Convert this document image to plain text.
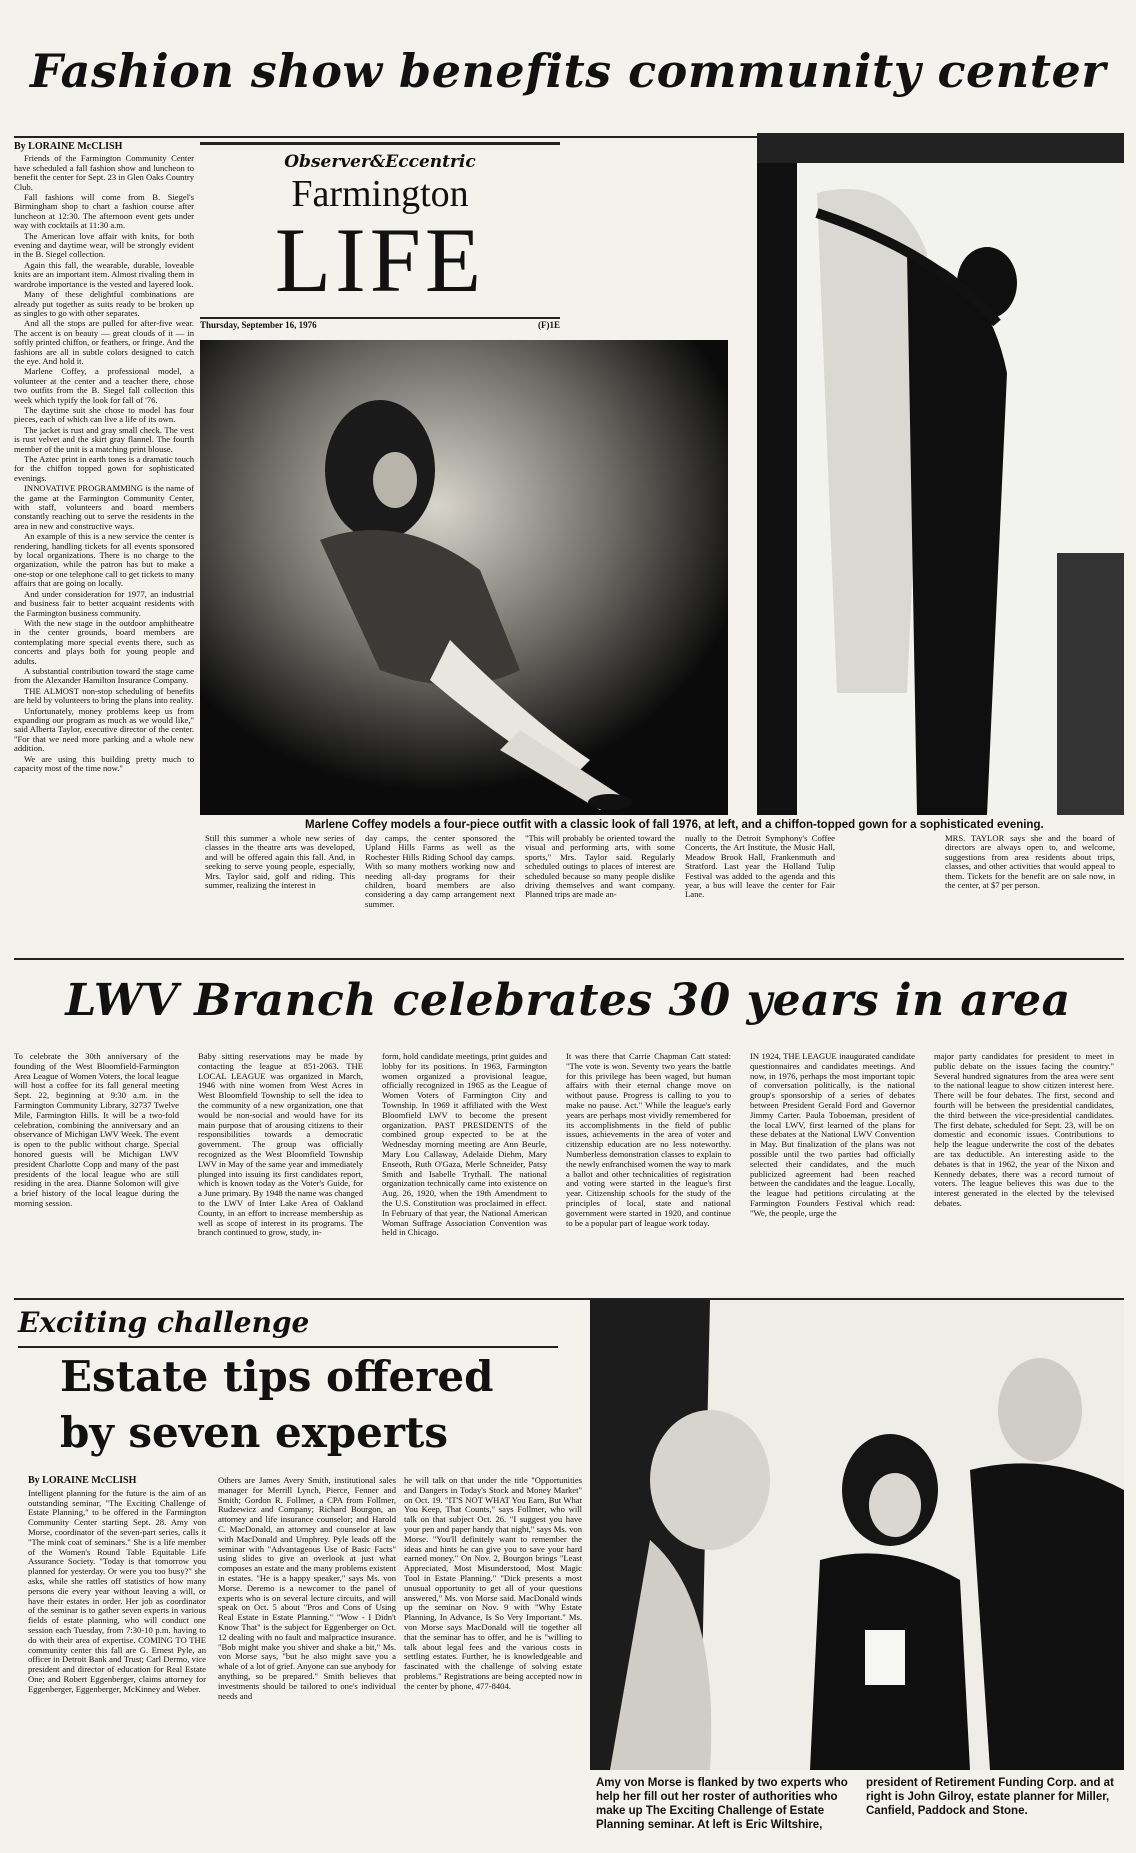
Fashion show benefits community center
By LORAINE McCLISH

Friends of the Farmington Community Center have scheduled a fall fashion show and luncheon to benefit the center for Sept. 23 in Glen Oaks Country Club.

Fall fashions will come from B. Siegel's Birmingham shop to chart a fashion course after luncheon at 12:30. The afternoon event gets under way with cocktails at 11:30 a.m.

The American love affair with knits, for both evening and daytime wear, will be strongly evident in the B. Siegel collection.

Again this fall, the wearable, durable, loveable knits are an important item. Almost rivaling them in wardrobe importance is the vested and layered look.

Many of these delightful combinations are already put together as suits ready to be broken up as singles to go with other separates.

And all the stops are pulled for after-five wear. The accent is on beauty — great clouds of it — in softly printed chiffon, or feathers, or fringe. And the fashions are all in subtle colors designed to catch the eye. And hold it.

Marlene Coffey, a professional model, a volunteer at the center and a teacher there, chose two outfits from the B. Siegel fall collection this week which typify the look for fall of '76.

The daytime suit she chose to model has four pieces, each of which can live a life of its own.

The jacket is rust and gray small check. The vest is rust velvet and the skirt gray flannel. The fourth member of the unit is a matching print blouse.

The Aztec print in earth tones is a dramatic touch for the chiffon topped gown for sophisticated evenings.

INNOVATIVE PROGRAMMING is the name of the game at the Farmington Community Center, with staff, volunteers and board members constantly reaching out to serve the residents in the area in new and constructive ways.

An example of this is a new service the center is rendering, handling tickets for all events sponsored by local organizations. There is no charge to the organization, while the patron has but to make a one-stop or one telephone call to get tickets to many affairs that are going on locally.

And under consideration for 1977, an industrial and business fair to better acquaint residents with the Farmington business community.

With the new stage in the outdoor amphitheatre in the center grounds, board members are contemplating more special events there, such as concerts and plays both for young people and adults.

A substantial contribution toward the stage came from the Alexander Hamilton Insurance Company.

THE ALMOST non-stop scheduling of benefits are held by volunteers to bring the plans into reality.

Unfortunately, money problems keep us from expanding our program as much as we would like," said Alberta Taylor, executive director of the center. "For that we need more parking and a whole new addition.

We are using this building pretty much to capacity most of the time now."

Observer&Eccentric
Farmington
LIFE
Thursday, September 16, 1976	(F)1E
Marlene Coffey models a four-piece outfit with a classic look of fall 1976, at left, and a chiffon-topped gown for a sophisticated evening.
Still this summer a whole new series of classes in the theatre arts was developed, and will be offered again this fall. And, in seeking to serve young people, especially, Mrs. Taylor said, golf and riding. This summer, realizing the interest in
day camps, the center sponsored the Upland Hills Farms as well as the Rochester Hills Riding School day camps. With so many mothers working now and needing all-day programs for their children, board members are also considering a day camp arrangement next summer.
"This will probably be oriented toward the visual and performing arts, with some sports," Mrs. Taylor said. Regularly scheduled outings to places of interest are scheduled because so many people dislike driving themselves and want company. Planned trips are made an-
nually to the Detroit Symphony's Coffee Concerts, the Art Institute, the Music Hall, Meadow Brook Hall, Frankenmuth and Stratford. Last year the Holland Tulip Festival was added to the agenda and this year, a bus will leave the center for Fair Lane.
MRS. TAYLOR says she and the board of directors are always open to, and welcome, suggestions from area residents about trips, classes, and other activities that would appeal to them. Tickets for the benefit are on sale now, in the center, at $7 per person.
LWV Branch celebrates 30 years in area
To celebrate the 30th anniversary of the founding of the West Bloomfield-Farmington Area League of Women Voters, the local league will host a coffee for its fall general meeting Sept. 22, beginning at 9:30 a.m. in the Farmington Community Library, 32737 Twelve Mile, Farmington Hills. It will be a two-fold celebration, combining the anniversary and an observance of Michigan LWV Week. The event is open to the public without charge. Special honored guests will be Michigan LWV president Charlotte Copp and many of the past presidents of the local league who are still residing in the area. Dianne Solomon will give a brief history of the local league during the morning session.
Baby sitting reservations may be made by contacting the league at 851-2063. THE LOCAL LEAGUE was organized in March, 1946 with nine women from West Acres in West Bloomfield Township to sell the idea to the community of a new organization, one that would be non-social and would have for its main purpose that of arousing citizens to their responsibilities towards a democratic government. The group was officially recognized as the West Bloomfield Township LWV in May of the same year and immediately plunged into issuing its first candidates report, which is known today as the Voter's Guide, for a June primary. By 1948 the name was changed to the LWV of Inter Lake Area of Oakland County, in an effort to increase membership as well as scope of interest in its programs. The branch continued to grow, study, in-
form, hold candidate meetings, print guides and lobby for its positions. In 1963, Farmington women organized a provisional league, officially recognized in 1965 as the League of Women Voters of Farmington City and Township. In 1969 it affiliated with the West Bloomfield LWV to become the present organization. PAST PRESIDENTS of the combined group expected to be at the Wednesday morning meeting are Ann Beurle, Mary Lou Callaway, Adelaide Diehm, Mary Enseoth, Ruth O'Gaza, Merle Schneider, Patsy Smith and Isabelle Trythall. The national organization technically came into existence on Aug. 26, 1920, when the 19th Amendment to the U.S. Constitution was proclaimed in effect. In February of that year, the National American Woman Suffrage Association Convention was held in Chicago.
It was there that Carrie Chapman Catt stated: "The vote is won. Seventy two years the battle for this privilege has been waged, but human affairs with their eternal change move on without pause. Progress is calling to you to make no pause. Act." While the league's early years are perhaps most vividly remembered for its accomplishments in the field of public issues, achievements in the area of voter and citizenship education are no less noteworthy. Numberless demonstration classes to explain to the newly enfranchised women the way to mark a ballot and other technicalities of registration and voting were started in the league's first year. Citizenship schools for the study of the principles of local, state and national government were started in 1920, and continue to be a popular part of league work today.
IN 1924, THE LEAGUE inaugurated candidate questionnaires and candidates meetings. And now, in 1976, perhaps the most important topic of conversation politically, is the national group's sponsorship of a series of debates between President Gerald Ford and Governor Jimmy Carter. Paula Toboeman, president of the local LWV, first learned of the plans for these debates at the National LWV Convention in May. But finalization of the plans was not possible until the two parties had officially selected their candidates, and the much publicized agreement had been reached between the candidates and the league. Locally, the league had petitions circulating at the Farmington Founders Festival which read: "We, the people, urge the
major party candidates for president to meet in public debate on the issues facing the country." Several hundred signatures from the area were sent to the national league to show citizen interest here. There will be four debates. The first, second and fourth will be between the presidential candidates, the third between the vice-presidential candidates. The first debate, scheduled for Sept. 23, will be on domestic and economic issues. Contributions to help the league underwrite the cost of the debates are tax deductible. An interesting aside to the debates is that in 1962, the year of the Nixon and Kennedy debates, there was a record turnout of voters. The league believes this was due to the interest generated in the elected by the televised debates.
Exciting challenge
Estate tips offered
by seven experts
By LORAINE McCLISH
Intelligent planning for the future is the aim of an outstanding seminar, "The Exciting Challenge of Estate Planning," to be offered in the Farmington Community Center starting Sept. 28. Amy von Morse, coordinator of the seven-part series, calls it "The mink coat of seminars." She is a life member of the Women's Round Table Equitable Life Assurance Society. "Today is that tomorrow you planned for yesterday. Or were you too busy?" she asks, while she rattles off statistics of how many persons die every year without leaving a will, or have their estates in order. Her job as coordinator of the seminar is to gather seven experts in various fields of estate planning, who will conduct one session each Tuesday, from 7:30-10 p.m. having to do with their area of expertise. COMING TO THE community center this fall are G. Ernest Pyle, an officer in Detroit Bank and Trust; Carl Dermo, vice president and director of education for Real Estate One; and Robert Eggenberger, claims attorney for Eggenberger, Eggenberger, McKinney and Weber.
Others are James Avery Smith, institutional sales manager for Merrill Lynch, Pierce, Fenner and Smith; Gordon R. Follmer, a CPA from Follmer, Rudzewicz and Company; Richard Bourgon, an attorney and life insurance counselor; and Harold C. MacDonald, an attorney and counselor at law with MacDonald and Umphrey. Pyle leads off the seminar with "Advantageous Use of Basic Facts" using slides to give an overlook at just what composes an estate and the many problems existent in estates. "He is a happy speaker," says Ms. von Morse. Deremo is a newcomer to the panel of experts who is on several lecture circuits, and will speak on Oct. 5 about "Pros and Cons of Using Real Estate in Estate Planning." "Wow - I Didn't Know That" is the subject for Eggenberger on Oct. 12 dealing with no fault and malpractice insurance. "Bob might make you shiver and shake a bit," Ms. von Morse says, "but he also might save you a whale of a lot of grief. Anyone can sue anybody for anything, so be prepared." Smith believes that investments should be tailored to one's individual needs and
he will talk on that under the title "Opportunities and Dangers in Today's Stock and Money Market" on Oct. 19. "IT'S NOT WHAT You Earn, But What You Keep, That Counts," says Follmer, who will talk on that subject Oct. 26. "I suggest you have your pen and paper handy that night," says Ms. von Morse. "You'll definitely want to remember the ideas and hints he can give you to save your hard earned money." On Nov. 2, Bourgon brings "Least Appreciated, Most Misunderstood, Most Magic Tool in Estate Planning." "Dick presents a most unusual opportunity to get all of your questions answered," Ms. von Morse said. MacDonald winds up the seminar on Nov. 9 with "Why Estate Planning, In Advance, Is So Very Important." Ms. von Morse says MacDonald will tie together all that the seminar has to offer, and he is "willing to talk about legal fees and the various costs in settling estates. Further, he is knowledgeable and fascinated with the challenge of solving estate problems." Registrations are being accepted now in the center by phone, 477-8404.
Amy von Morse is flanked by two experts who help her fill out her roster of authorities who make up The Exciting Challenge of Estate Planning seminar. At left is Eric Wiltshire,
president of Retirement Funding Corp. and at right is John Gilroy, estate planner for Miller, Canfield, Paddock and Stone.
